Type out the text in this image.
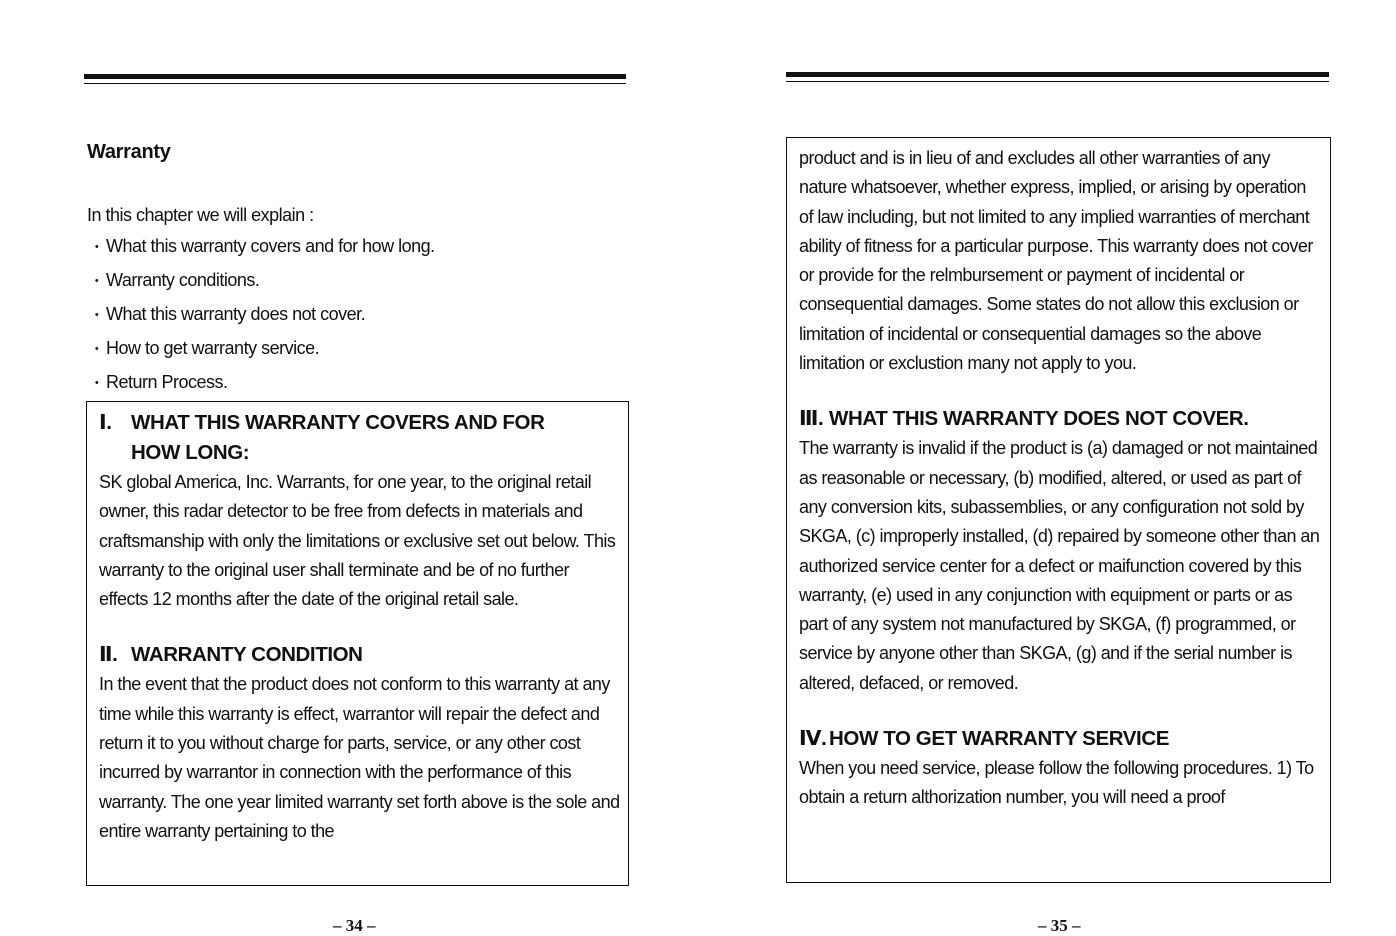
Warranty

In this chapter we will explain :

• What this warranty covers and for how long.
• Warranty conditions.
• What this warranty does not cover.
• How to get warranty service.
• Return Process.
Ⅰ. WHAT THIS WARRANTY COVERS AND FOR
HOW LONG:

SK global America, Inc. Warrants, for one year, to the original retail owner, this radar detector to be free from defects in materials and craftsmanship with only the limitations or exclusive set out below. This warranty to the original user shall terminate and be of no further effects 12 months after the date of the original retail sale.

Ⅱ. WARRANTY CONDITION

In the event that the product does not conform to this warranty at any time while this warranty is effect, warrantor will repair the defect and return it to you without charge for parts, service, or any other cost incurred by warrantor in connection with the performance of this warranty. The one year limited warranty set forth above is the sole and entire warranty pertaining to the

– 34 –

product and is in lieu of and excludes all other warranties of any nature whatsoever, whether express, implied, or arising by operation of law including, but not limited to any implied warranties of merchant ability of fitness for a particular purpose. This warranty does not cover or provide for the relmbursement or payment of incidental or consequential damages. Some states do not allow this exclusion or limitation of incidental or consequential damages so the above limitation or exclustion many not apply to you.

Ⅲ. WHAT THIS WARRANTY DOES NOT COVER.

The warranty is invalid if the product is (a) damaged or not maintained as reasonable or necessary, (b) modified, altered, or used as part of any conversion kits, subassemblies, or any configuration not sold by SKGA, (c) improperly installed, (d) repaired by someone other than an authorized service center for a defect or maifunction covered by this warranty, (e) used in any conjunction with equipment or parts or as part of any system not manufactured by SKGA, (f) programmed, or service by anyone other than SKGA, (g) and if the serial number is altered, defaced, or removed.

Ⅳ. HOW TO GET WARRANTY SERVICE

When you need service, please follow the following procedures. 1) To obtain a return althorization number, you will need a proof

– 35 –
